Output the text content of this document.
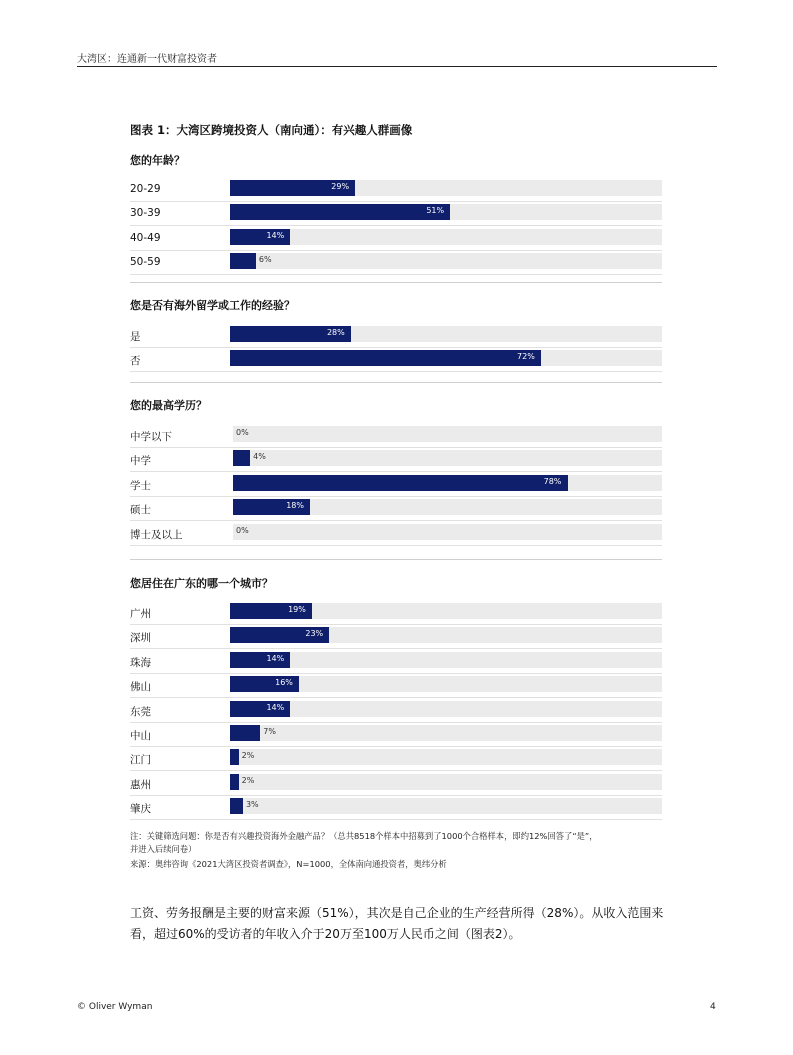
大湾区：连通新一代财富投资者
图表 1：大湾区跨境投资人（南向通）：有兴趣人群画像
您的年龄？
20-29	29%
30-39	51%
40-49	14%
50-59	6%
您是否有海外留学或工作的经验？
是	28%
否	72%
您的最高学历？
中学以下	0%
中学	4%
学士	78%
硕士	18%
博士及以上	0%
您居住在广东的哪一个城市？
广州	19%
深圳	23%
珠海	14%
佛山	16%
东莞	14%
中山	7%
江门	2%
惠州	2%
肇庆	3%
注：关键筛选问题：你是否有兴趣投资海外金融产品？（总共8518个样本中招募到了1000个合格样本，即约12%回答了“是”，
并进入后续问卷）
来源：奥纬咨询《2021大湾区投资者调查》，N=1000，全体南向通投资者，奥纬分析
工资、劳务报酬是主要的财富来源（51%），其次是自己企业的生产经营所得（28%）。从收入范围来看，超过60%的受访者的年收入介于20万至100万人民币之间（图表2）。
© Oliver Wyman	4
